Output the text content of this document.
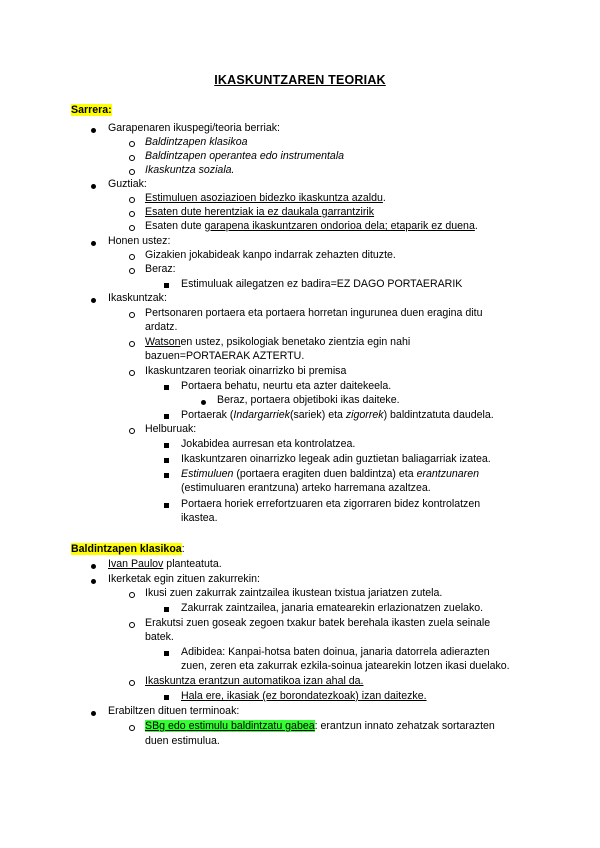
IKASKUNTZAREN TEORIAK
Sarrera:
Garapenaren ikuspegi/teoria berriak:
Baldintzapen klasikoa
Baldintzapen operantea edo instrumentala
Ikaskuntza soziala.
Guztiak:
Estimuluen asoziazioen bidezko ikaskuntza azaldu.
Esaten dute herentziak ia ez daukala garrantzirik
Esaten dute garapena ikaskuntzaren ondorioa dela; etaparik ez duena.
Honen ustez:
Gizakien jokabideak kanpo indarrak zehazten dituzte.
Beraz:
Estimuluak ailegatzen ez badira=EZ DAGO PORTAERARIK
Ikaskuntzak:
Pertsonaren portaera eta portaera horretan ingurunea duen eragina ditu
ardatz.
Watsonen ustez, psikologiak benetako zientzia egin nahi
bazuen=PORTAERAK AZTERTU.
Ikaskuntzaren teoriak oinarrizko bi premisa
Portaera behatu, neurtu eta azter daitekeela.
Beraz, portaera objetiboki ikas daiteke.
Portaerak (Indargarriek(sariek) eta zigorrek) baldintzatuta daudela.
Helburuak:
Jokabidea aurresan eta kontrolatzea.
Ikaskuntzaren oinarrizko legeak adin guztietan baliagarriak izatea.
Estimuluen (portaera eragiten duen baldintza) eta erantzunaren
(estimuluaren erantzuna) arteko harremana azaltzea.
Portaera horiek errefortzuaren eta zigorraren bidez kontrolatzen
ikastea.
Baldintzapen klasikoa:
Ivan Paulov planteatuta.
Ikerketak egin zituen zakurrekin:
Ikusi zuen zakurrak zaintzailea ikustean txistua jariatzen zutela.
Zakurrak zaintzailea, janaria ematearekin erlazionatzen zuelako.
Erakutsi zuen goseak zegoen txakur batek berehala ikasten zuela seinale
batek.
Adibidea: Kanpai-hotsa baten doinua, janaria datorrela adierazten
zuen, zeren eta zakurrak ezkila-soinua jatearekin lotzen ikasi duelako.
Ikaskuntza erantzun automatikoa izan ahal da.
Hala ere, ikasiak (ez borondatezkoak) izan daitezke.
Erabiltzen dituen terminoak:
SBg edo estimulu baldintzatu gabea: erantzun innato zehatzak sortarazten
duen estimulua.
